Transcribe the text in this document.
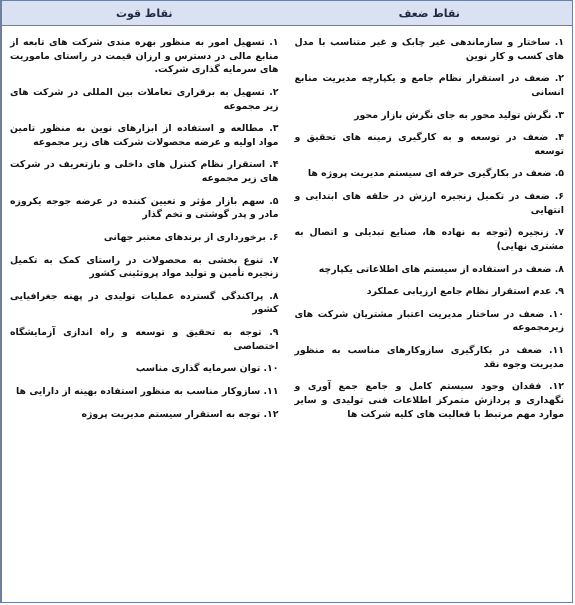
نقاط قوت
۱. تسهیل امور به منظور بهره مندی شرکت های تابعه از منابع مالی در دسترس و ارزان قیمت در راستای ماموریت های سرمایه گذاری شرکت.
۲. تسهیل به برقراری تعاملات بین المللی در شرکت های زیر مجموعه
۳. مطالعه و استفاده از ابزارهای نوین به منظور تامین مواد اولیه و عرضه محصولات شرکت های زیر مجموعه
۴. استقرار نظام کنترل های داخلی و بازتعریف در شرکت های زیر مجموعه
۵. سهم بازار مؤثر و تعیین کننده در عرضه جوجه یکروزه مادر و پدر گوشتی و تخم گذار
۶. برخورداری از برندهای معتبر جهانی
۷. تنوع بخشی به محصولات در راستای کمک به تکمیل زنجیره تأمین و تولید مواد پروتئینی کشور
۸. پراکندگی گسترده عملیات تولیدی در پهنه جغرافیایی کشور
۹. توجه به تحقیق و توسعه و راه اندازی آزمایشگاه اختصاصی
۱۰. توان سرمایه گذاری مناسب
۱۱. سازوکار مناسب به منظور استفاده بهینه از دارایی ها
۱۲. توجه به استقرار سیستم مدیریت پروژه
نقاط ضعف
۱. ساختار و سازماندهی غیر چابک و غیر متناسب با مدل های کسب و کار نوین
۲. ضعف در استقرار نظام جامع و یکپارچه مدیریت منابع انسانی
۳. نگرش تولید محور به جای نگرش بازار محور
۴. ضعف در توسعه و به کارگیری زمینه های تحقیق و توسعه
۵. ضعف در بکارگیری حرفه ای سیستم مدیریت پروژه ها
۶. ضعف در تکمیل زنجیره ارزش در حلقه های ابتدایی و انتهایی
۷. زنجیره (توجه به نهاده ها، صنایع تبدیلی و اتصال به مشتری نهایی)
۸. ضعف در استفاده از سیستم های اطلاعاتی یکپارچه
۹. عدم استقرار نظام جامع ارزیابی عملکرد
۱۰. ضعف در ساختار مدیریت اعتبار مشتریان شرکت های زیرمجموعه
۱۱. ضعف در بکارگیری سازوکارهای مناسب به منظور مدیریت وجوه نقد
۱۲. فقدان وجود سیستم کامل و جامع جمع آوری و نگهداری و پردازش متمرکز اطلاعات فنی تولیدی و سایر موارد مهم مرتبط با فعالیت های کلیه شرکت ها
